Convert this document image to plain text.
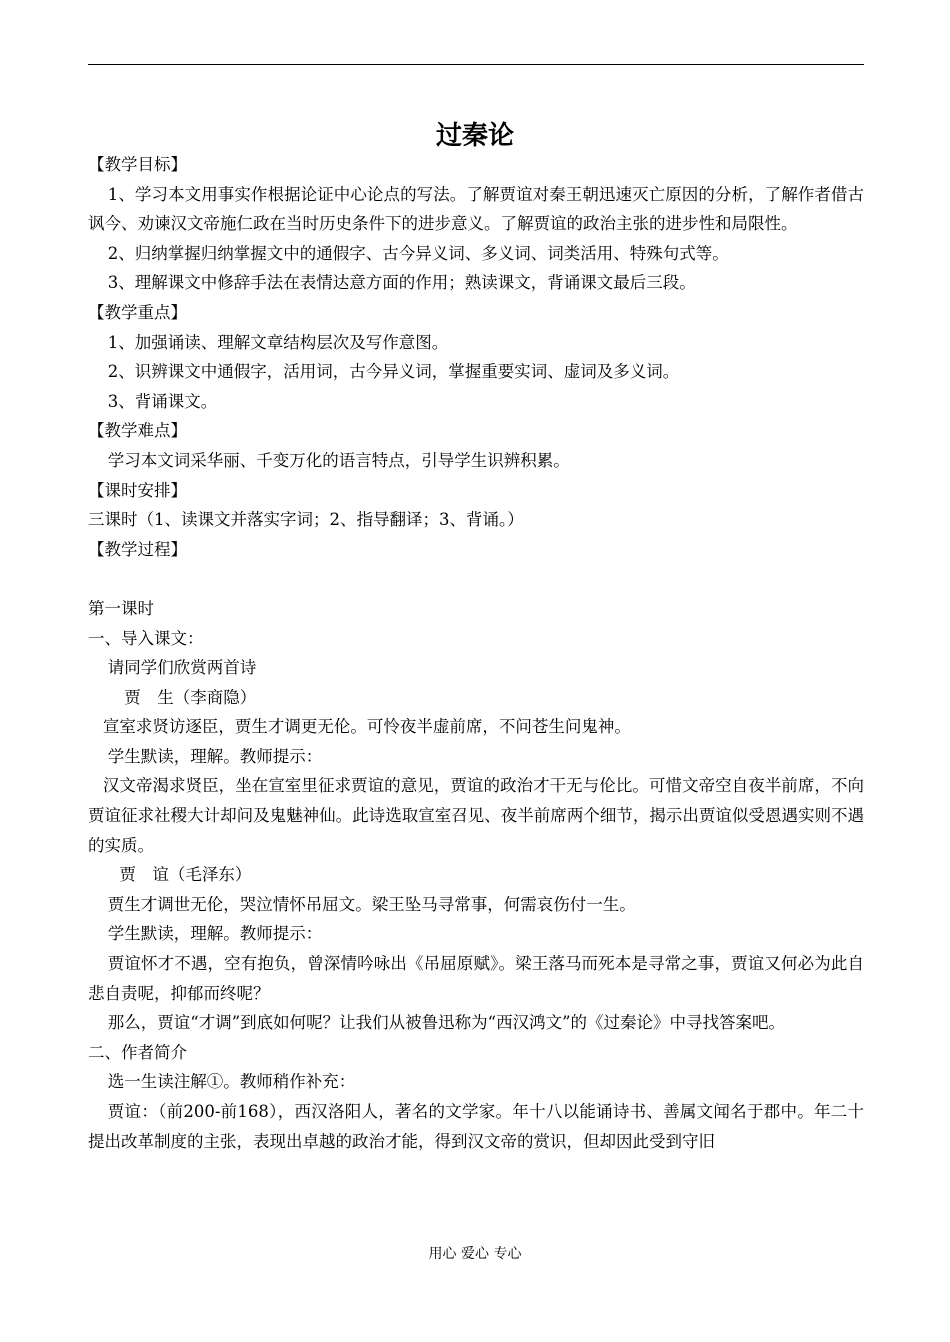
过秦论

【教学目标】

1、学习本文用事实作根据论证中心论点的写法。了解贾谊对秦王朝迅速灭亡原因的分析，了解作者借古讽今、劝谏汉文帝施仁政在当时历史条件下的进步意义。了解贾谊的政治主张的进步性和局限性。

2、归纳掌握归纳掌握文中的通假字、古今异义词、多义词、词类活用、特殊句式等。

3、理解课文中修辞手法在表情达意方面的作用；熟读课文，背诵课文最后三段。

【教学重点】

1、加强诵读、理解文章结构层次及写作意图。

2、识辨课文中通假字，活用词，古今异义词，掌握重要实词、虚词及多义词。

3、背诵课文。

【教学难点】

学习本文词采华丽、千变万化的语言特点，引导学生识辨积累。

【课时安排】

三课时（1、读课文并落实字词；2、指导翻译；3、背诵。）

【教学过程】

第一课时

一、导入课文：

请同学们欣赏两首诗

贾　生（李商隐）

宣室求贤访逐臣，贾生才调更无伦。可怜夜半虚前席，不问苍生问鬼神。

学生默读，理解。教师提示：

汉文帝渴求贤臣，坐在宣室里征求贾谊的意见，贾谊的政治才干无与伦比。可惜文帝空自夜半前席，不向贾谊征求社稷大计却问及鬼魅神仙。此诗选取宣室召见、夜半前席两个细节，揭示出贾谊似受恩遇实则不遇的实质。

贾　谊（毛泽东）

贾生才调世无伦，哭泣情怀吊屈文。梁王坠马寻常事，何需哀伤付一生。

学生默读，理解。教师提示：

贾谊怀才不遇，空有抱负，曾深情吟咏出《吊屈原赋》。梁王落马而死本是寻常之事，贾谊又何必为此自悲自责呢，抑郁而终呢？

那么，贾谊“才调”到底如何呢？让我们从被鲁迅称为“西汉鸿文”的《过秦论》中寻找答案吧。

二、作者简介

选一生读注解①。教师稍作补充：

贾谊：（前200-前168），西汉洛阳人，著名的文学家。年十八以能诵诗书、善属文闻名于郡中。年二十提出改革制度的主张，表现出卓越的政治才能，得到汉文帝的赏识，但却因此受到守旧

用心 爱心 专心
